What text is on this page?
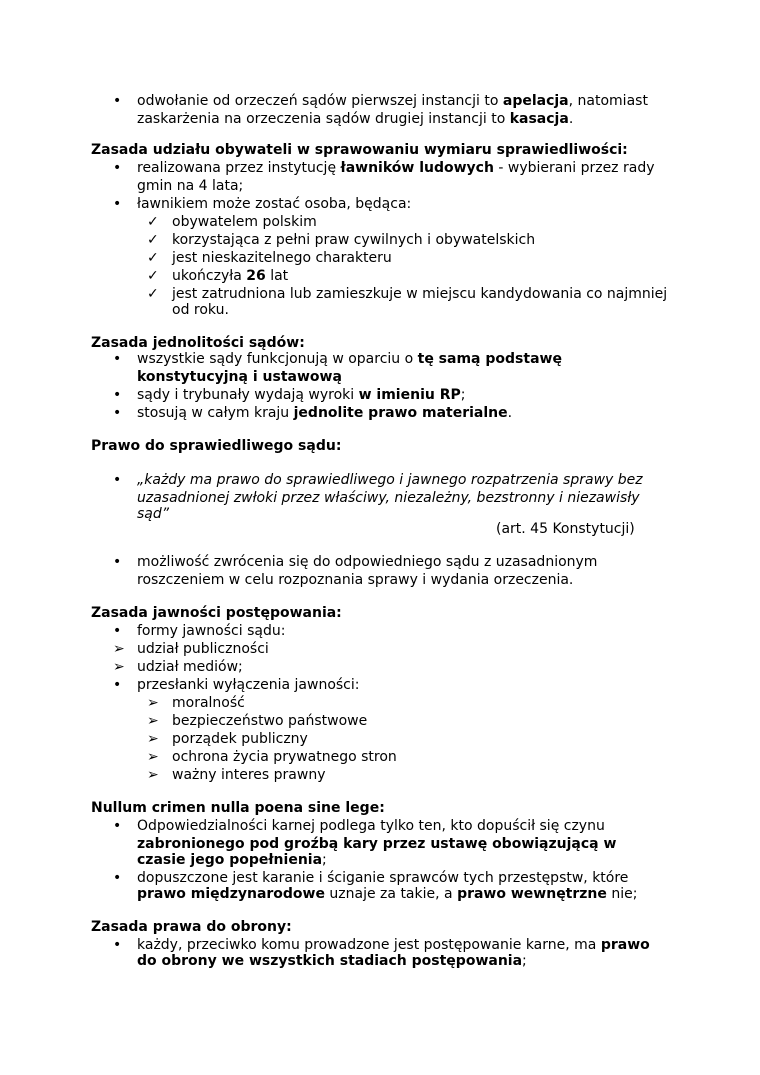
• odwołanie od orzeczeń sądów pierwszej instancji to apelacja, natomiast
zaskarżenia na orzeczenia sądów drugiej instancji to kasacja.
Zasada udziału obywateli w sprawowaniu wymiaru sprawiedliwości:
• realizowana przez instytucję ławników ludowych - wybierani przez rady
gmin na 4 lata;
• ławnikiem może zostać osoba, będąca:
✓ obywatelem polskim
✓ korzystająca z pełni praw cywilnych i obywatelskich
✓ jest nieskazitelnego charakteru
✓ ukończyła 26 lat
✓ jest zatrudniona lub zamieszkuje w miejscu kandydowania co najmniej
od roku.
Zasada jednolitości sądów:
• wszystkie sądy funkcjonują w oparciu o tę samą podstawę
konstytucyjną i ustawową
• sądy i trybunały wydają wyroki w imieniu RP;
• stosują w całym kraju jednolite prawo materialne.
Prawo do sprawiedliwego sądu:
• „każdy ma prawo do sprawiedliwego i jawnego rozpatrzenia sprawy bez
uzasadnionej zwłoki przez właściwy, niezależny, bezstronny i niezawisły
sąd”
(art. 45 Konstytucji)
• możliwość zwrócenia się do odpowiedniego sądu z uzasadnionym
roszczeniem w celu rozpoznania sprawy i wydania orzeczenia.
Zasada jawności postępowania:
• formy jawności sądu:
➢ udział publiczności
➢ udział mediów;
• przesłanki wyłączenia jawności:
➢ moralność
➢ bezpieczeństwo państwowe
➢ porządek publiczny
➢ ochrona życia prywatnego stron
➢ ważny interes prawny
Nullum crimen nulla poena sine lege:
• Odpowiedzialności karnej podlega tylko ten, kto dopuścił się czynu
zabronionego pod groźbą kary przez ustawę obowiązującą w
czasie jego popełnienia;
• dopuszczone jest karanie i ściganie sprawców tych przestępstw, które
prawo międzynarodowe uznaje za takie, a prawo wewnętrzne nie;
Zasada prawa do obrony:
• każdy, przeciwko komu prowadzone jest postępowanie karne, ma prawo
do obrony we wszystkich stadiach postępowania;
